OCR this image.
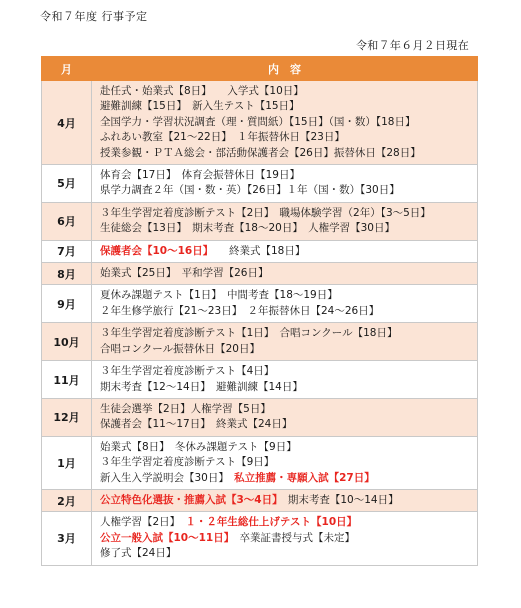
令和７年度 行事予定
令和７年６月２日現在
月	内　容
4月	赴任式・始業式【8日】　　入学式【10日】
避難訓練【15日】　新入生テスト【15日】
全国学力・学習状況調査（理・質問紙）【15日】（国・数）【18日】
ふれあい教室【21～22日】　１年振替休日【23日】
授業参観・ＰＴＡ総会・部活動保護者会【26日】振替休日【28日】

5月	体育会【17日】　体育会振替休日【19日】
県学力調査２年（国・数・英）【26日】１年（国・数）【30日】

6月	３年生学習定着度診断テスト【2日】　職場体験学習（2年）【3～5日】
生徒総会【13日】　期末考査【18～20日】　人権学習【30日】

7月	保護者会【10～16日】　　終業式【18日】

8月	始業式【25日】　平和学習【26日】

9月	夏休み課題テスト【1日】　中間考査【18～19日】
２年生修学旅行【21～23日】　２年振替休日【24～26日】

10月	３年生学習定着度診断テスト【1日】　合唱コンクール【18日】
合唱コンクール振替休日【20日】

11月	３年生学習定着度診断テスト【4日】
期末考査【12～14日】　避難訓練【14日】

12月	生徒会選挙【2日】人権学習【5日】
保護者会【11～17日】　終業式【24日】

1月	始業式【8日】　冬休み課題テスト【9日】
３年生学習定着度診断テスト【9日】
新入生入学説明会【30日】　私立推薦・専願入試【27日】

2月	公立特色化選抜・推薦入試【3～4日】　期末考査【10～14日】

3月	人権学習【2日】　１・２年生総仕上げテスト【10日】
公立一般入試【10～11日】　卒業証書授与式【未定】
修了式【24日】
